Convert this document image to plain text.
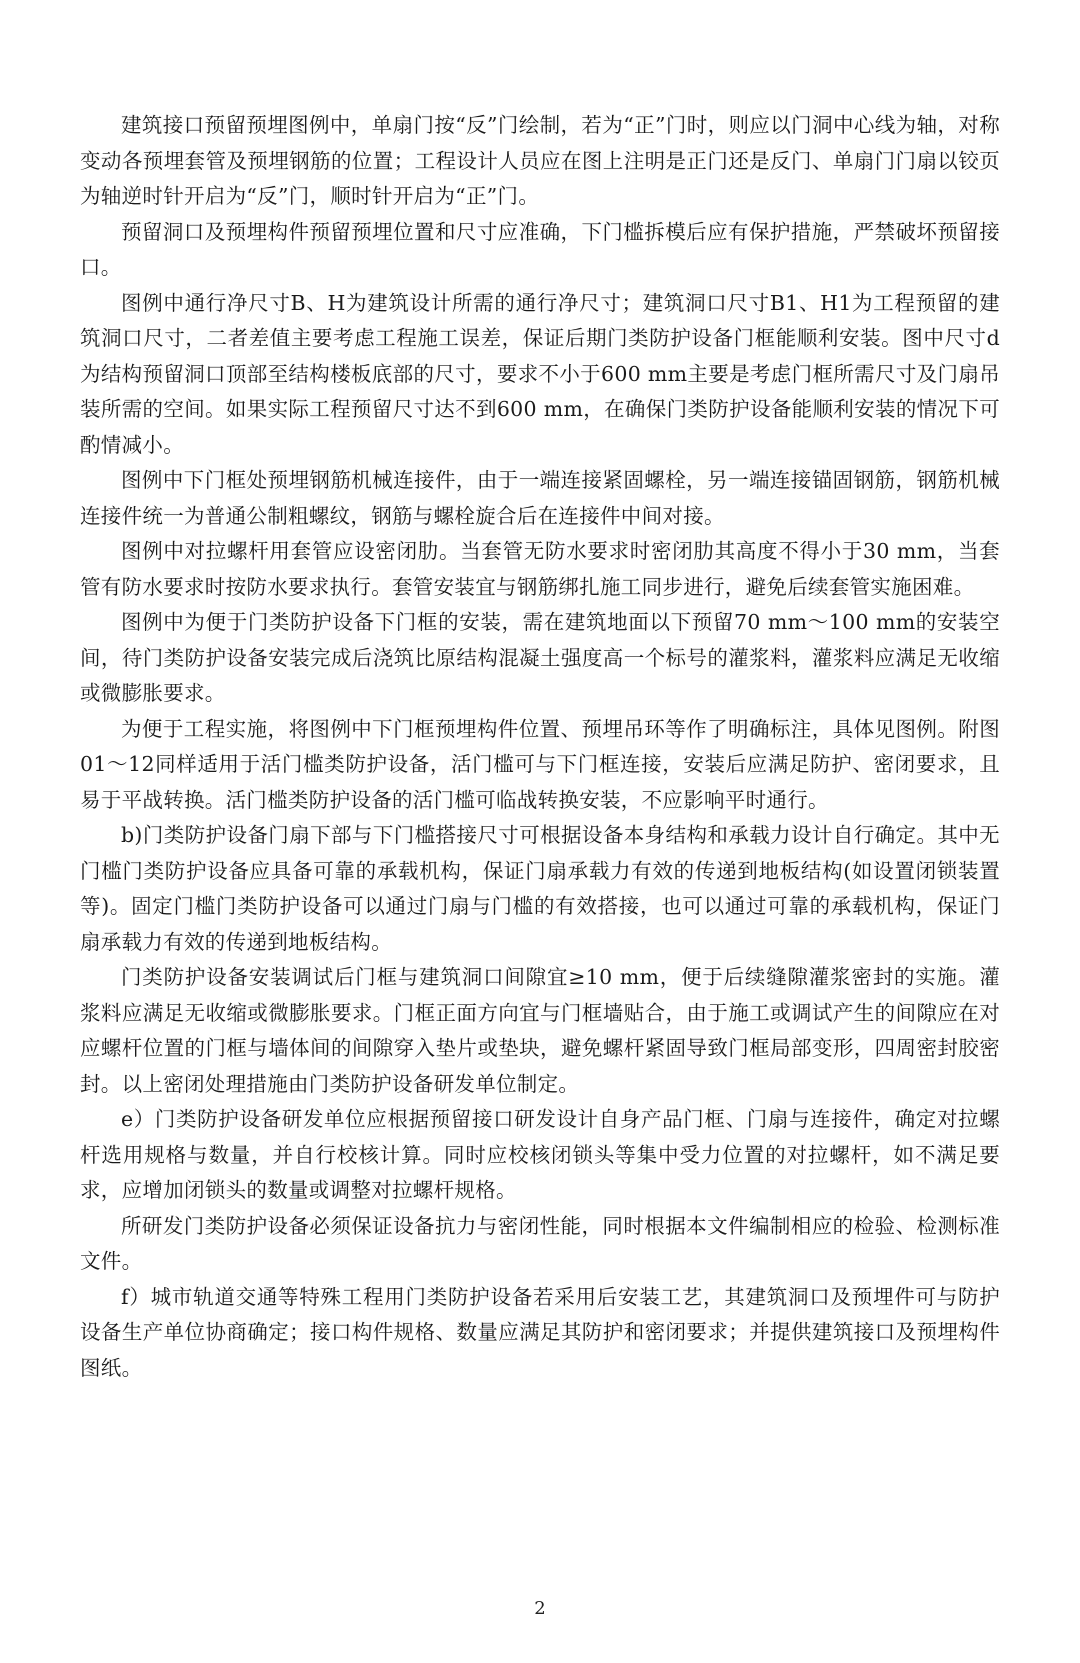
建筑接口预留预埋图例中，单扇门按“反”门绘制，若为“正”门时，则应以门洞中心线为轴，对称变动各预埋套管及预埋钢筋的位置；工程设计人员应在图上注明是正门还是反门、单扇门门扇以铰页为轴逆时针开启为“反”门，顺时针开启为“正”门。

预留洞口及预埋构件预留预埋位置和尺寸应准确，下门槛拆模后应有保护措施，严禁破坏预留接口。

图例中通行净尺寸B、H为建筑设计所需的通行净尺寸；建筑洞口尺寸B1、H1为工程预留的建筑洞口尺寸，二者差值主要考虑工程施工误差，保证后期门类防护设备门框能顺利安装。图中尺寸d为结构预留洞口顶部至结构楼板底部的尺寸，要求不小于600 mm主要是考虑门框所需尺寸及门扇吊装所需的空间。如果实际工程预留尺寸达不到600 mm，在确保门类防护设备能顺利安装的情况下可酌情减小。

图例中下门框处预埋钢筋机械连接件，由于一端连接紧固螺栓，另一端连接锚固钢筋，钢筋机械连接件统一为普通公制粗螺纹，钢筋与螺栓旋合后在连接件中间对接。

图例中对拉螺杆用套管应设密闭肋。当套管无防水要求时密闭肋其高度不得小于30 mm，当套管有防水要求时按防水要求执行。套管安装宜与钢筋绑扎施工同步进行，避免后续套管实施困难。

图例中为便于门类防护设备下门框的安装，需在建筑地面以下预留70 mm～100 mm的安装空间，待门类防护设备安装完成后浇筑比原结构混凝土强度高一个标号的灌浆料，灌浆料应满足无收缩或微膨胀要求。

为便于工程实施，将图例中下门框预埋构件位置、预埋吊环等作了明确标注，具体见图例。附图01～12同样适用于活门槛类防护设备，活门槛可与下门框连接，安装后应满足防护、密闭要求，且易于平战转换。活门槛类防护设备的活门槛可临战转换安装，不应影响平时通行。

b)门类防护设备门扇下部与下门槛搭接尺寸可根据设备本身结构和承载力设计自行确定。其中无门槛门类防护设备应具备可靠的承载机构，保证门扇承载力有效的传递到地板结构(如设置闭锁装置等)。固定门槛门类防护设备可以通过门扇与门槛的有效搭接，也可以通过可靠的承载机构，保证门扇承载力有效的传递到地板结构。

门类防护设备安装调试后门框与建筑洞口间隙宜≥10 mm，便于后续缝隙灌浆密封的实施。灌浆料应满足无收缩或微膨胀要求。门框正面方向宜与门框墙贴合，由于施工或调试产生的间隙应在对应螺杆位置的门框与墙体间的间隙穿入垫片或垫块，避免螺杆紧固导致门框局部变形，四周密封胶密封。以上密闭处理措施由门类防护设备研发单位制定。

e）门类防护设备研发单位应根据预留接口研发设计自身产品门框、门扇与连接件，确定对拉螺杆选用规格与数量，并自行校核计算。同时应校核闭锁头等集中受力位置的对拉螺杆，如不满足要求，应增加闭锁头的数量或调整对拉螺杆规格。

所研发门类防护设备必须保证设备抗力与密闭性能，同时根据本文件编制相应的检验、检测标准文件。

f）城市轨道交通等特殊工程用门类防护设备若采用后安装工艺，其建筑洞口及预埋件可与防护设备生产单位协商确定；接口构件规格、数量应满足其防护和密闭要求；并提供建筑接口及预埋构件图纸。

2
